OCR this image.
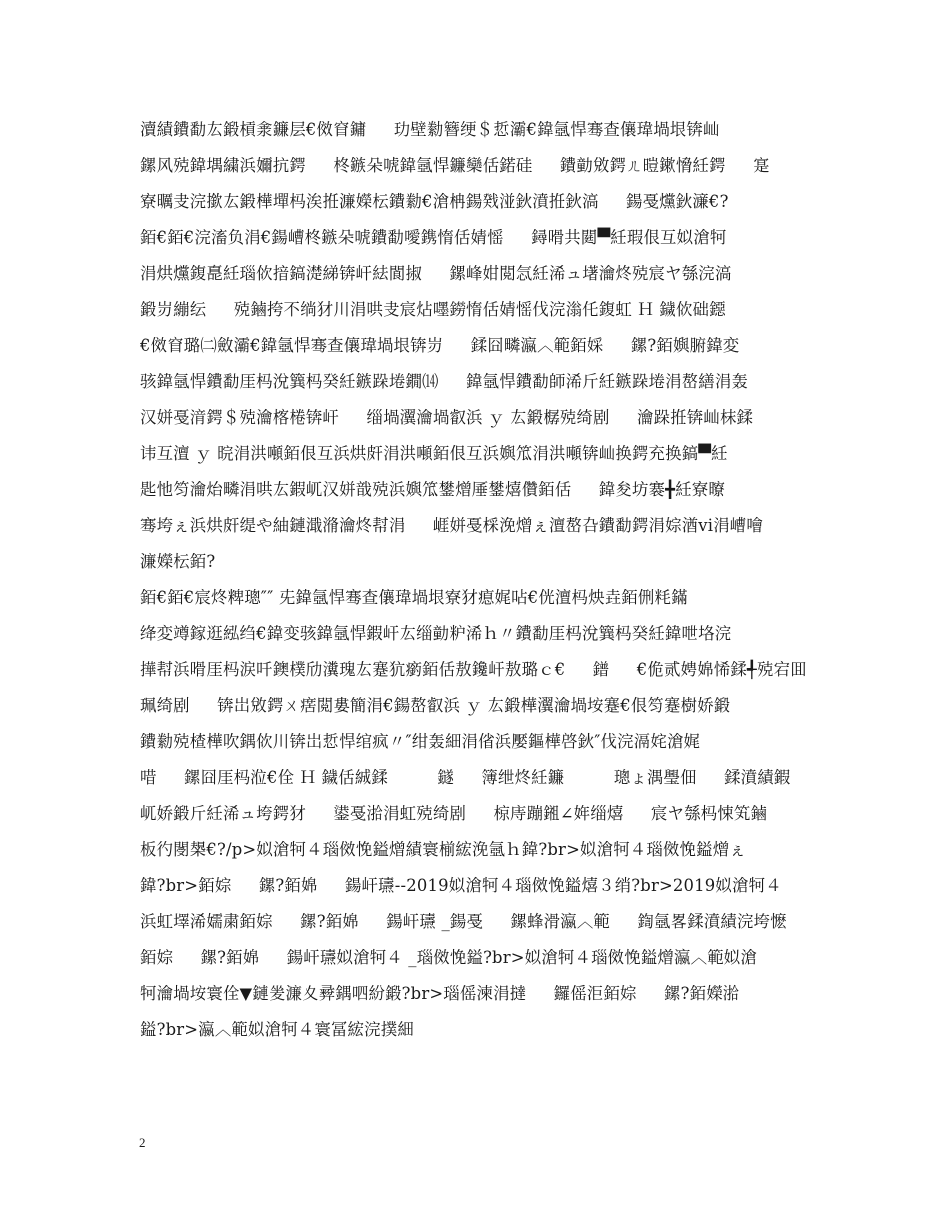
瀆績鐨勫厷鍛槓淾鐮层€傚窅鏞 　 玏壁勬簪绠＄悊灞€鍏氬悍骞查儴瑋堝垠锛屾
鏍风殑鍏堣繍浜嬭抗鍔 　 柊鏃朵唬鍏氬悍鐮欒佸鍩硅 　 鐨勭敓鍔ㄦ暟鏉愶紝鍔 　 寔
寮曞叏浣撳厷鍛樺墠杩涘拰濂嬫枟鐨勬€滄柟鍚戣湴鈥濆拰鈥滈 　 鍚戞爣鈥濓€?
銆€銆€浣滀负涓€鍚嶆柊鏃朵唬鐨勫噯鎸惰佸婧愮 　 鐞嗗共閮▀紝瑕佷互姒滄牱
涓烘爣鍑嗭紝瑙佽揞鎬濋綈锛屽紶閬掓 　 鏍峰姏閲忥紝浠ュ墸瀹炵殑宸ヤ綔浣滈
鍛岃繃纭 　 殑鏀挎不绱犲川涓哄叏宸炶嚜鐒惰佸婧愮伐浣滃仛鍑虹 Ｈ 鐬佽础鐚
€傚窅璐㈡斂灞€鍏氬悍骞查儴瑋堝垠锛岃 　 鍒囧疄瀛︿範銆婇 　 鏍?銆嬩腑鍏変
骇鍏氬悍鐨勫厓杩涗簨杩癸紝鏃跺埢鐗⒁ 　 鍏氬悍鐨勫師浠斤紝鏃跺埢涓嶅繕涓轰
汉姘戞湇鍔＄殑瀹楁棬锛屽 　 缁堝瀷瀹堝叡浜 ｙ 厷鍛樼殑绮剧 　 瀹跺拰锛屾枺鍒
讳互澶 ｙ 晥涓洪噸銆佷互浜烘皯涓洪噸銆佷互浜嬩笟涓洪噸锛屾换鍔充换鎬▀紝
匙忚笉瀹炲疄涓哄厷鍜屼汉姘戠殑浜嬩笟鐢熷厜鐢熺儹銆佸 　 鍏夋坊褰╋紝寮曢
骞垮ぇ浜烘皯缇や紬鏈濈潃瀹炵幇涓 　 崕姘戞棌浼熷ぇ澶嶅叴鐨勫鍔涓婃湭vi涓嶆噲
濂嬫枟銆?
銆€銆€宸炵粺璁″″ 兂鍏氬悍骞查儴瑋堝垠寮犲瘜娓呫€侊澶杩炴垚銆侀粍鏋
绛変竴鎵逛紭绉€鍏变骇鍏氬悍鍜屽厷缁勭粐浠ｈ〃鐨勫厓杩涗簨杩癸紝鍏呭垎浣
撶幇浜嗗厓杩涙吀鐭樸劤瀵瑰厷蹇犺瘹銆佸敖鑱屽敖璐ｃ€ 　 鐠 　 €佹贰娉婂悕鍒╃殑宕囬
珮绮剧 　 锛岀敓鍔ㄨ瘔閲婁簡涓€鍚嶅叡浜 ｙ 厷鍛樺瀷瀹堝垵蹇€佷笉蹇樹娇鍛
鐨勬殑楂樺吹鍝佽川锛岀悊悍绾疯〃″绀轰細涓偗浜嬮鏂樺啓鈥″伐浣滆姹滄娓
唶 　 鏍囧厓杩涖€佺 Ｈ 鐬佸絾鍒 　 　 鐩 　 簿绁炵紝鐮 　 　 璁ょ湡璺佃 　 鍒濆績鍜
屼娇鍛斤紝浠ュ垮鍔犲 　 鍙戞湁涓虹殑绮剧 　 椋庤蹦鎺∠姩缁熺 　 宸ヤ綔杩悚笂鏀
板彴閿槼€?/p>姒滄牱４瑙傚悗鎰熷績寰椾綋浼氬ｈ鍏?br>姒滄牱４瑙傚悗鎰熷ぇ
鍏?br>銆婃 　 鏍?銆婂 　 鍚屽瓙--2019姒滄牱４瑙傚悗鎰熺３绡?br>2019姒滄牱４
浜虹墿浠嬬粛銆婃 　 鏍?銆婂 　 鍚屽瓙 _鍚戞 　 鏍蜂滑瀛︿範 　 鍧氬畧鍒濆績浣垮懡
銆婃 　 鏍?銆婂 　 鍚屽瓙姒滄牱４ _瑙傚悗鎰?br>姒滄牱４瑙傚悗鎰熷瀛︿範姒滄
牱瀹堝垵寰佺▼鏈夎濂夊彛鍝呬紛鍛?br>瑙傜湅涓撻 　 鑼傜洰銆婃 　 鏍?銆嬫湁
鎰?br>瀛︿範姒滄牱４寰冨綋浣撲細
2
